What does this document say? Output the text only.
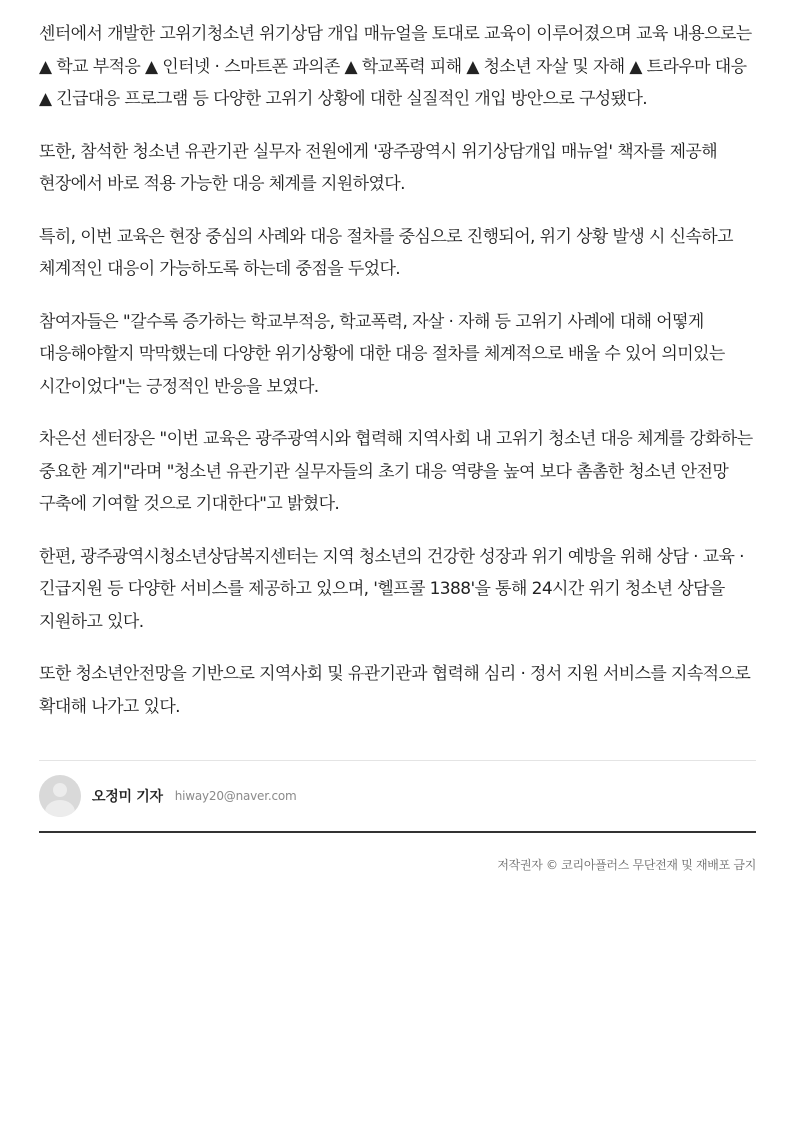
센터에서 개발한 고위기청소년 위기상담 개입 매뉴얼을 토대로 교육이 이루어졌으며 교육 내용으로는 ▲ 학교 부적응 ▲ 인터넷 · 스마트폰 과의존 ▲ 학교폭력 피해 ▲ 청소년 자살 및 자해 ▲ 트라우마 대응 ▲ 긴급대응 프로그램 등 다양한 고위기 상황에 대한 실질적인 개입 방안으로 구성됐다.

또한, 참석한 청소년 유관기관 실무자 전원에게 '광주광역시 위기상담개입 매뉴얼' 책자를 제공해 현장에서 바로 적용 가능한 대응 체계를 지원하였다.

특히, 이번 교육은 현장 중심의 사례와 대응 절차를 중심으로 진행되어, 위기 상황 발생 시 신속하고 체계적인 대응이 가능하도록 하는데 중점을 두었다.

참여자들은 "갈수록 증가하는 학교부적응, 학교폭력, 자살 · 자해 등 고위기 사례에 대해 어떻게 대응해야할지 막막했는데 다양한 위기상황에 대한 대응 절차를 체계적으로 배울 수 있어 의미있는 시간이었다"는 긍정적인 반응을 보였다.

차은선 센터장은 "이번 교육은 광주광역시와 협력해 지역사회 내 고위기 청소년 대응 체계를 강화하는 중요한 계기"라며 "청소년 유관기관 실무자들의 초기 대응 역량을 높여 보다 촘촘한 청소년 안전망 구축에 기여할 것으로 기대한다"고 밝혔다.

한편, 광주광역시청소년상담복지센터는 지역 청소년의 건강한 성장과 위기 예방을 위해 상담 · 교육 · 긴급지원 등 다양한 서비스를 제공하고 있으며, '헬프콜 1388'을 통해 24시간 위기 청소년 상담을 지원하고 있다.

또한 청소년안전망을 기반으로 지역사회 및 유관기관과 협력해 심리 · 정서 지원 서비스를 지속적으로 확대해 나가고 있다.

오정미 기자 hiway20@naver.com
저작권자 © 코리아플러스 무단전재 및 재배포 금지
